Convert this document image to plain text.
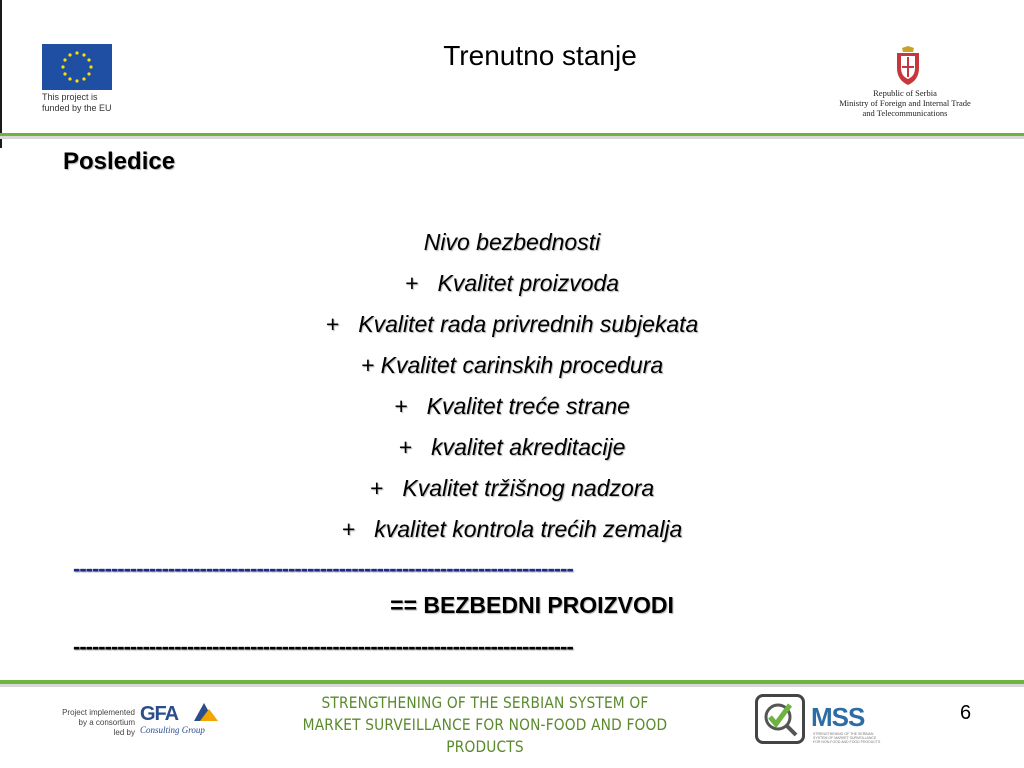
This project is
funded by the EU
Trenutno stanje
Republic of Serbia
Ministry of Foreign and Internal Trade
and Telecommunications
Posledice
Nivo bezbednosti
+   Kvalitet proizvoda
+   Kvalitet rada privrednih subjekata
+ Kvalitet carinskih procedura
+   Kvalitet treće strane
+   kvalitet akreditacije
+   Kvalitet tržišnog nadzora
+   kvalitet kontrola trećih zemalja
-------------------------------------------------------------------------------
== BEZBEDNI PROIZVODI
-------------------------------------------------------------------------------
Project implemented
by a consortium
led by
GFA
Consulting Group
STRENGTHENING OF THE SERBIAN SYSTEM OF
MARKET SURVEILLANCE FOR NON-FOOD AND FOOD PRODUCTS
MSS
STRENGTHENING OF THE SERBIAN SYSTEM OF MARKET SURVEILLANCE FOR NON-FOOD AND FOOD PRODUCTS
6
